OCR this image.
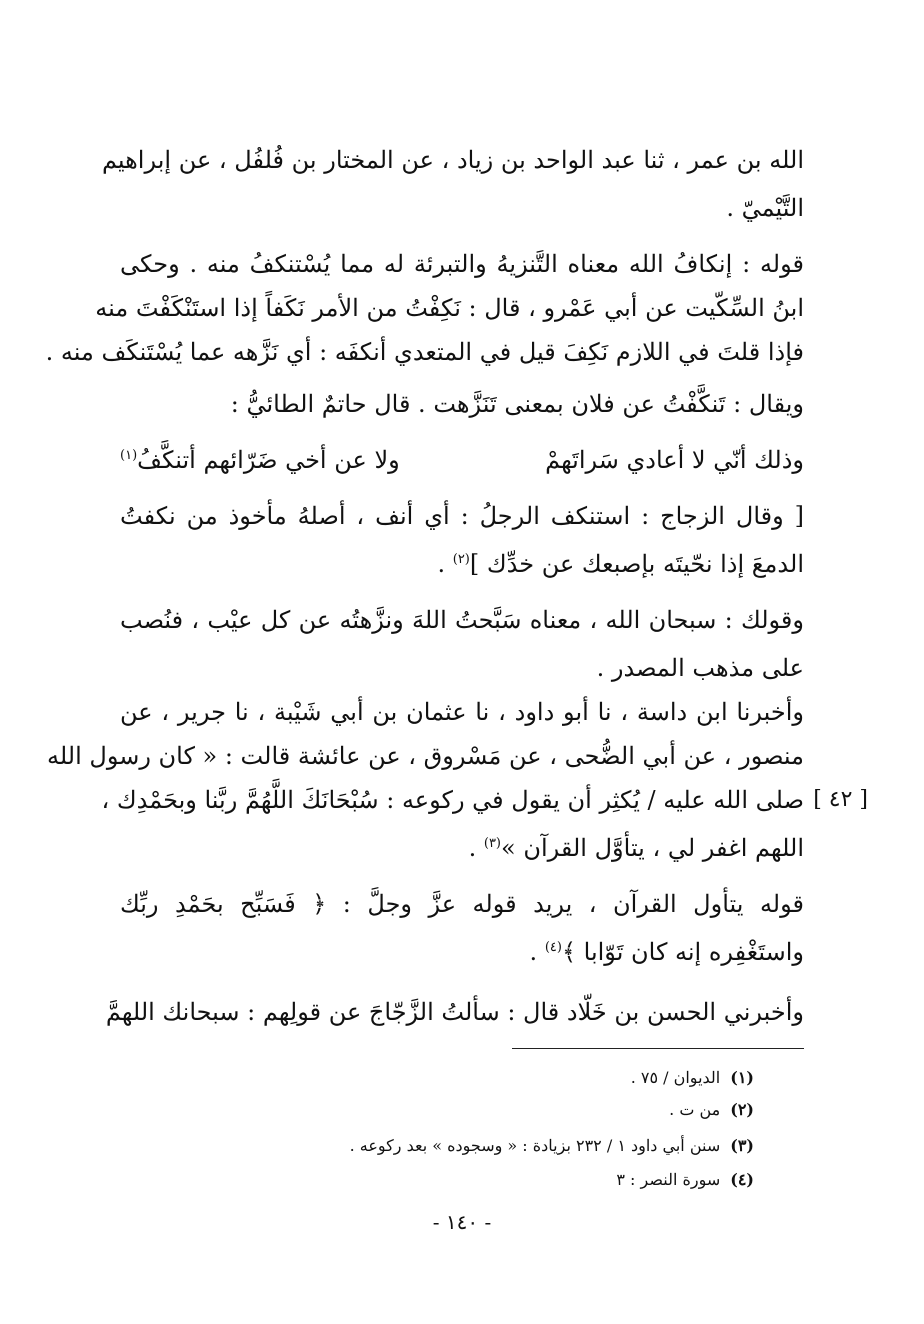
الله بن عمر ، ثنا عبد الواحد بن زياد ، عن المختار بن فُلفُل ، عن إبراهيم
التَّيْميّ .
قوله : إنكافُ الله معناه التَّنزيهُ والتبرئة له مما يُسْتنكفُ منه . وحكى
ابنُ السِّكّيت عن أبي عَمْرو ، قال : نَكِفْتُ من الأمر نَكَفاً إذا استَنْكَفْتَ منه
فإذا قلتَ في اللازم نَكِفَ قيل في المتعدي أنكفَه : أي نَزَّهه عما يُسْتَنكَف منه .
ويقال : تَنكَّفْتُ عن فلان بمعنى تَنَزَّهت . قال حاتمٌ الطائيُّ :
وذلك أنّي لا أعادي سَراتَهمْ
ولا عن أخي ضَرّائهم أتنكَّفُ$^{(١)}$
[ وقال الزجاج : استنكف الرجلُ : أي أنف ، أصلهُ مأخوذ من نكفتُ
الدمعَ إذا نحّيتَه بإصبعك عن خدِّك ]$^{(٢)}$ .
وقولك : سبحان الله ، معناه سَبَّحتُ اللهَ ونزَّهتُه عن كل عيْب ، فنُصب
على مذهب المصدر .
وأخبرنا ابن داسة ، نا أبو داود ، نا عثمان بن أبي شَيْبة ، نا جرير ، عن
منصور ، عن أبي الضُّحى ، عن مَسْروق ، عن عائشة قالت : « كان رسول الله
صلى الله عليه / يُكثِر أن يقول في ركوعه : سُبْحَانَكَ اللَّهُمَّ ربَّنا وبحَمْدِك ،
اللهم اغفر لي ، يتأوَّل القرآن »$^{(٣)}$ .
[ ٤٢ ]
قوله يتأول القرآن ، يريد قوله عزَّ وجلَّ : ﴿ فَسَبِّح بحَمْدِ ربِّك
واستَغْفِره إنه كان تَوّابا ﴾$^{(٤)}$ .
وأخبرني الحسن بن خَلّاد قال : سألتُ الزَّجّاجَ عن قولِهم : سبحانك اللهمَّ
(١)الديوان / ٧٥ .
(٢)من ت .
(٣)سنن أبي داود ١ / ٢٣٢ بزيادة : « وسجوده » بعد ركوعه .
(٤)سورة النصر : ٣
- ١٤٠ -
